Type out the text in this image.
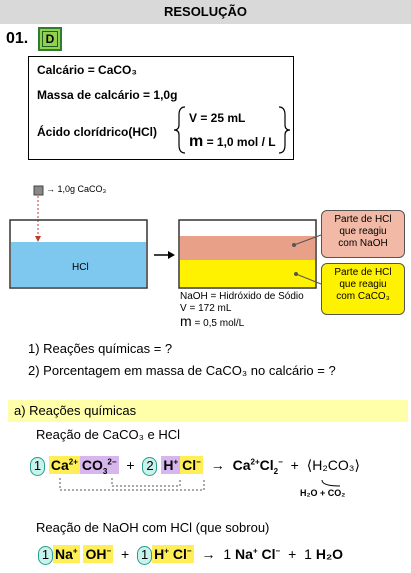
RESOLUÇÃO
01.	D
Calcário = CaCO₃
Massa de calcário = 1,0g
Ácido clorídrico(HCl)
V = 25 mL
m = 1,0 mol / L
→ 1,0g CaCO₃
HCl
Parte de HCl
que reagiu
com NaOH
Parte de HCl
que reagiu
com CaCO₃
NaOH = Hidróxido de Sódio
V = 172 mL
m = 0,5 mol/L
1) Reações químicas = ?
2) Porcentagem em massa de CaCO₃ no calcário = ?
a) Reações químicas
Reação de CaCO₃ e HCl
1 $Ca^{2+}$ $CO_3^{2-} + 2$ H+ $Cl^- \to Ca^{2+}Cl_2^-$ + ⟨H₂CO₃⟩
H₂O + CO₂
Reação de NaOH com HCl (que sobrou)
1 Na+ OH− + 1 H+ Cl− → 1 Na+ Cl− + 1 H₂O
